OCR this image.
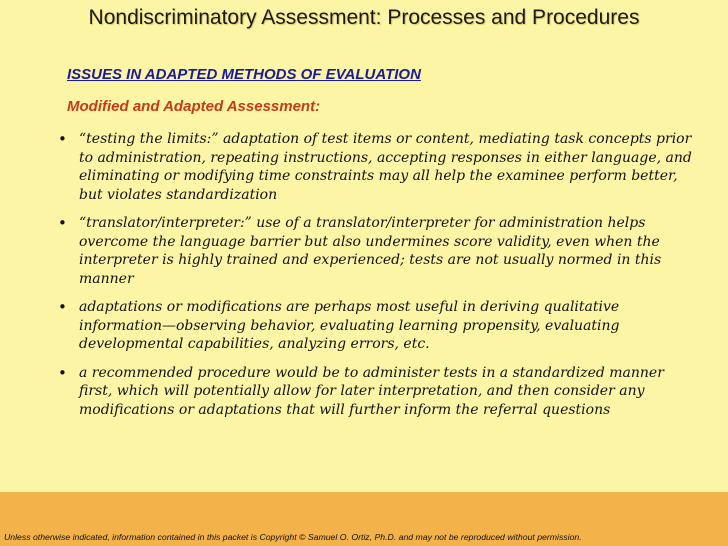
Nondiscriminatory Assessment: Processes and Procedures
ISSUES IN ADAPTED METHODS OF EVALUATION
Modified and Adapted Assessment:
• “testing the limits:” adaptation of test items or content, mediating task concepts prior to administration, repeating instructions, accepting responses in either language, and eliminating or modifying time constraints may all help the examinee perform better, but violates standardization
• “translator/interpreter:” use of a translator/interpreter for administration helps overcome the language barrier but also undermines score validity, even when the interpreter is highly trained and experienced; tests are not usually normed in this manner
• adaptations or modifications are perhaps most useful in deriving qualitative information—observing behavior, evaluating learning propensity, evaluating developmental capabilities, analyzing errors, etc.
• a recommended procedure would be to administer tests in a standardized manner first, which will potentially allow for later interpretation, and then consider any modifications or adaptations that will further inform the referral questions
Unless otherwise indicated, information contained in this packet is Copyright © Samuel O. Ortiz, Ph.D. and may not be reproduced without permission.
